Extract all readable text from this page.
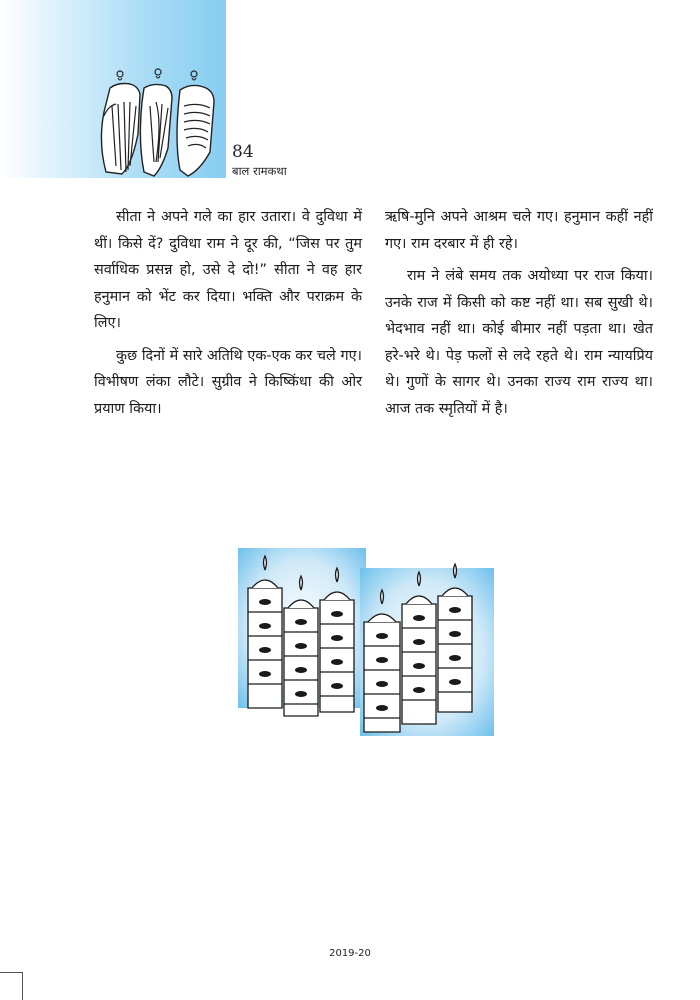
84
बाल रामकथा

सीता ने अपने गले का हार उतारा। वे दुविधा में थीं। किसे दें? दुविधा राम ने दूर की, “जिस पर तुम सर्वाधिक प्रसन्न हो, उसे दे दो!” सीता ने वह हार हनुमान को भेंट कर दिया। भक्ति और पराक्रम के लिए।

कुछ दिनों में सारे अतिथि एक-एक कर चले गए। विभीषण लंका लौटे। सुग्रीव ने किष्किंधा की ओर प्रयाण किया।

ऋषि-मुनि अपने आश्रम चले गए। हनुमान कहीं नहीं गए। राम दरबार में ही रहे।

राम ने लंबे समय तक अयोध्या पर राज किया। उनके राज में किसी को कष्ट नहीं था। सब सुखी थे। भेदभाव नहीं था। कोई बीमार नहीं पड़ता था। खेत हरे-भरे थे। पेड़ फलों से लदे रहते थे। राम न्यायप्रिय थे। गुणों के सागर थे। उनका राज्य राम राज्य था। आज तक स्मृतियों में है।

2019-20
